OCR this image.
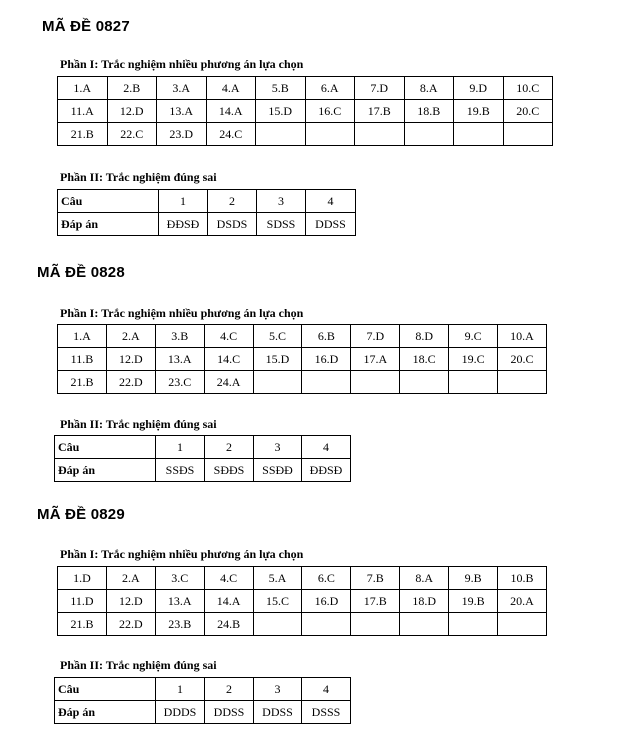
MÃ ĐỀ 0827

Phần I: Trắc nghiệm nhiều phương án lựa chọn

1.A	2.B	3.A	4.A	5.B	6.A	7.D	8.A	9.D	10.C
11.A	12.D	13.A	14.A	15.D	16.C	17.B	18.B	19.B	20.C
21.B	22.C	23.D	24.C						

Phần II: Trắc nghiệm đúng sai

Câu	1	2	3	4
Đáp án	ĐĐSĐ	DSDS	SDSS	DDSS
MÃ ĐỀ 0828

Phần I: Trắc nghiệm nhiều phương án lựa chọn

1.A	2.A	3.B	4.C	5.C	6.B	7.D	8.D	9.C	10.A
11.B	12.D	13.A	14.C	15.D	16.D	17.A	18.C	19.C	20.C
21.B	22.D	23.C	24.A						

Phần II: Trắc nghiệm đúng sai

Câu	1	2	3	4
Đáp án	SSĐS	SĐĐS	SSĐĐ	ĐĐSĐ
MÃ ĐỀ 0829

Phần I: Trắc nghiệm nhiều phương án lựa chọn

1.D	2.A	3.C	4.C	5.A	6.C	7.B	8.A	9.B	10.B
11.D	12.D	13.A	14.A	15.C	16.D	17.B	18.D	19.B	20.A
21.B	22.D	23.B	24.B						

Phần II: Trắc nghiệm đúng sai

Câu	1	2	3	4
Đáp án	DDDS	DDSS	DDSS	DSSS
